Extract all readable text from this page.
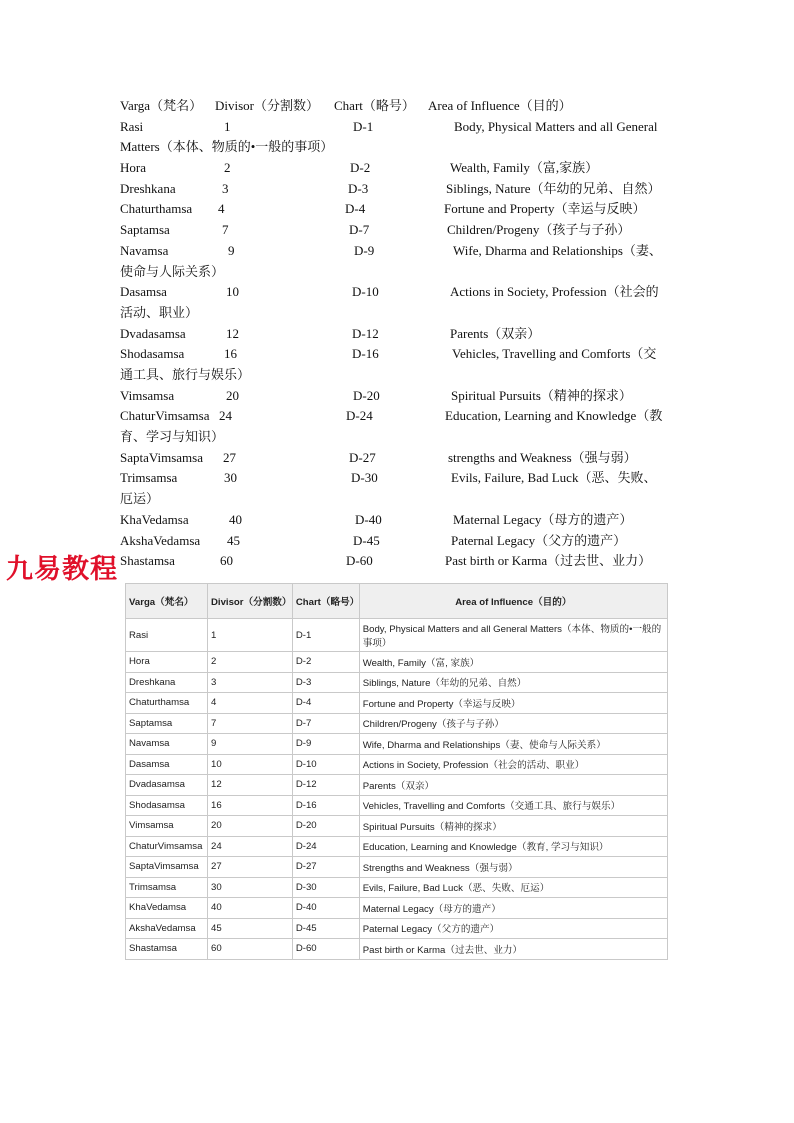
Varga（梵名） Divisor（分割数） Chart（略号） Area of Influence（目的）
Rasi	1	D-1	Body, Physical Matters and all General
Matters（本体、物质的•一般的事项）
Hora	2	D-2	Wealth, Family（富,家族）
Dreshkana	3	D-3	Siblings, Nature（年幼的兄弟、自然）
Chaturthamsa 4	D-4	Fortune and Property（幸运与反映）
Saptamsa	7	D-7	Children/Progeny（孩子与子孙）
Navamsa	9	D-9	Wife, Dharma and Relationships（妻、
使命与人际关系）
Dasamsa	10	D-10	Actions in Society, Profession（社会的
活动、职业）
Dvadasamsa	12	D-12	Parents（双亲）
Shodasamsa	16	D-16	Vehicles, Travelling and Comforts（交
通工具、旅行与娱乐）
Vimsamsa	20	D-20	Spiritual Pursuits（精神的探求）
ChaturVimsamsa 24	D-24	Education, Learning and Knowledge（教
育、学习与知识）
SaptaVimsamsa 27	D-27	strengths and Weakness（强与弱）
Trimsamsa	30	D-30	Evils, Failure, Bad Luck（恶、失败、
厄运）
KhaVedamsa	40	D-40	Maternal Legacy（母方的遗产）
AkshaVedamsa 45	D-45	Paternal Legacy（父方的遗产）
Shastamsa	60	D-60	Past birth or Karma（过去世、业力）
九易教程
Varga（梵名）	Divisor（分割数）	Chart（略号）	Area of Influence（目的）
Rasi	1	D-1	Body, Physical Matters and all General Matters（本体、物质的•一般的事项）
Hora	2	D-2	Wealth, Family（富, 家族）
Dreshkana	3	D-3	Siblings, Nature（年幼的兄弟、自然）
Chaturthamsa	4	D-4	Fortune and Property（幸运与反映）
Saptamsa	7	D-7	Children/Progeny（孩子与子孙）
Navamsa	9	D-9	Wife, Dharma and Relationships（妻、使命与人际关系）
Dasamsa	10	D-10	Actions in Society, Profession（社会的活动、职业）
Dvadasamsa	12	D-12	Parents（双亲）
Shodasamsa	16	D-16	Vehicles, Travelling and Comforts（交通工具、旅行与娱乐）
Vimsamsa	20	D-20	Spiritual Pursuits（精神的探求）
ChaturVimsamsa	24	D-24	Education, Learning and Knowledge（教育, 学习与知识）
SaptaVimsamsa	27	D-27	Strengths and Weakness（强与弱）
Trimsamsa	30	D-30	Evils, Failure, Bad Luck（恶、失败、厄运）
KhaVedamsa	40	D-40	Maternal Legacy（母方的遗产）
AkshaVedamsa	45	D-45	Paternal Legacy（父方的遗产）
Shastamsa	60	D-60	Past birth or Karma（过去世、业力）
